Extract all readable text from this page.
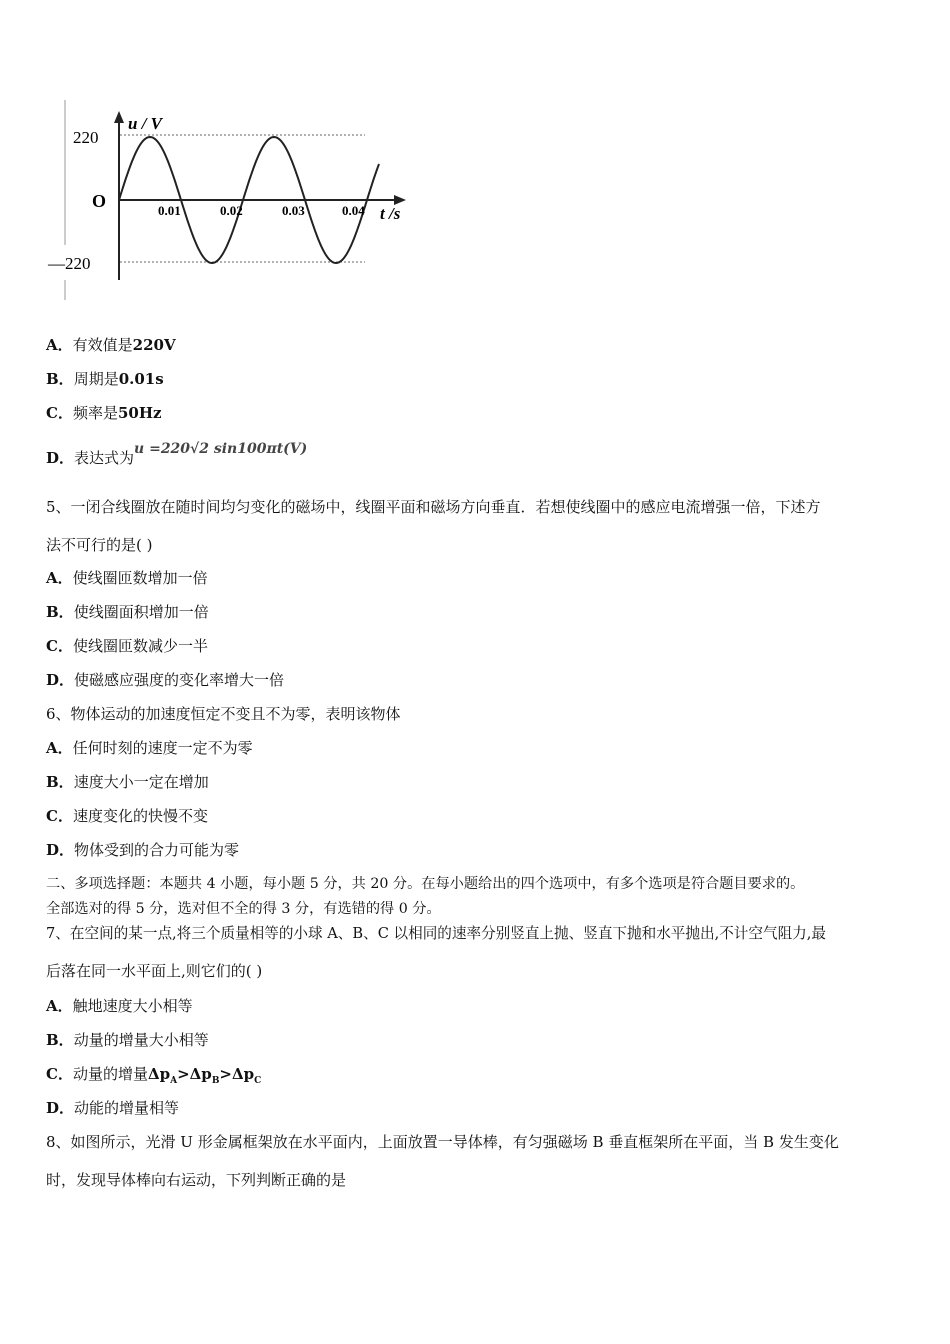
220
—220
O
u / V
t /s
0.01	0.02	0.03	0.04
A．有效值是220V
B．周期是0.01s
C．频率是50Hz
D．表达式为u =220√2 sin100πt(V)
5、一闭合线圈放在随时间均匀变化的磁场中，线圈平面和磁场方向垂直．若想使线圈中的感应电流增强一倍，下述方
法不可行的是( )
A．使线圈匝数增加一倍
B．使线圈面积增加一倍
C．使线圈匝数减少一半
D．使磁感应强度的变化率增大一倍
6、物体运动的加速度恒定不变且不为零，表明该物体
A．任何时刻的速度一定不为零
B．速度大小一定在增加
C．速度变化的快慢不变
D．物体受到的合力可能为零
二、多项选择题：本题共 4 小题，每小题 5 分，共 20 分。在每小题给出的四个选项中，有多个选项是符合题目要求的。
全部选对的得 5 分，选对但不全的得 3 分，有选错的得 0 分。
7、在空间的某一点,将三个质量相等的小球 A、B、C 以相同的速率分别竖直上抛、竖直下抛和水平抛出,不计空气阻力,最
后落在同一水平面上,则它们的( )
A．触地速度大小相等
B．动量的增量大小相等
C．动量的增量$\Delta p_A>\Delta p_B>\Delta p_C$
D．动能的增量相等
8、如图所示，光滑 U 形金属框架放在水平面内，上面放置一导体棒，有匀强磁场 B 垂直框架所在平面，当 B 发生变化
时，发现导体棒向右运动，下列判断正确的是
